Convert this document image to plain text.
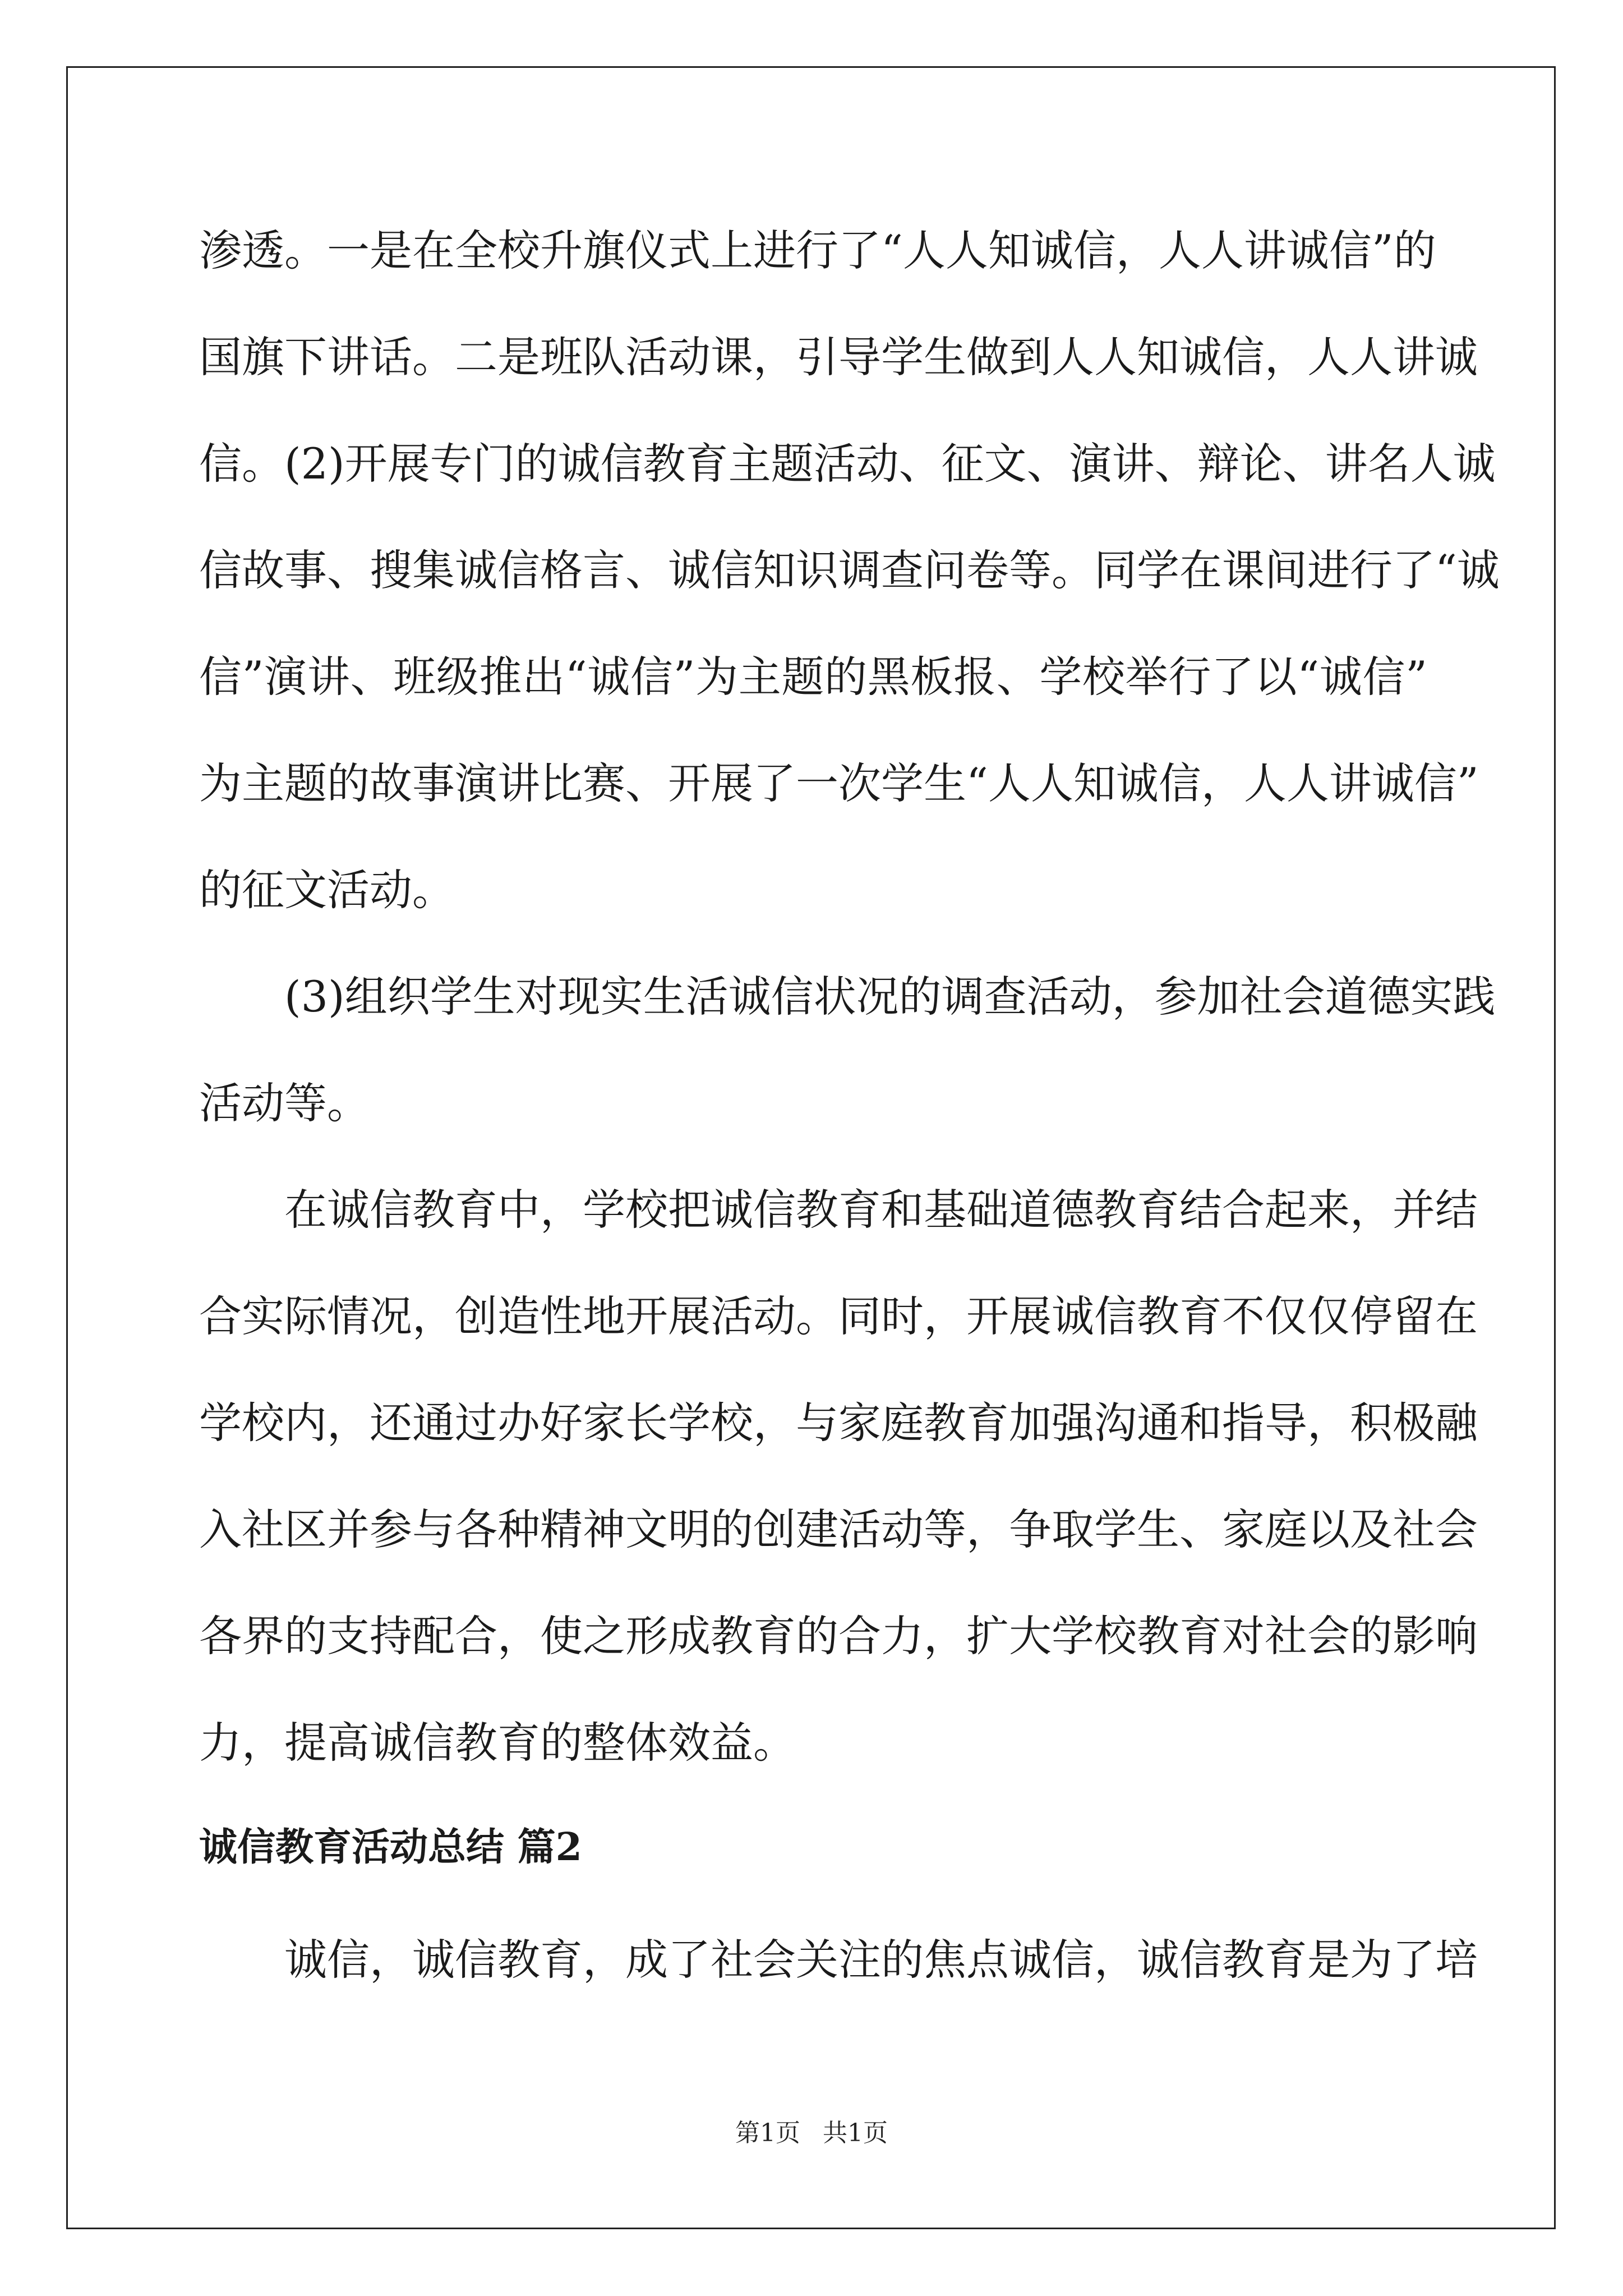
渗透。一是在全校升旗仪式上进行了“人人知诚信，人人讲诚信”的
国旗下讲话。二是班队活动课，引导学生做到人人知诚信，人人讲诚
信。(2)开展专门的诚信教育主题活动、征文、演讲、辩论、讲名人诚
信故事、搜集诚信格言、诚信知识调查问卷等。同学在课间进行了“诚
信”演讲、班级推出“诚信”为主题的黑板报、学校举行了以“诚信”
为主题的故事演讲比赛、开展了一次学生“人人知诚信，人人讲诚信”
的征文活动。
(3)组织学生对现实生活诚信状况的调查活动，参加社会道德实践
活动等。
在诚信教育中，学校把诚信教育和基础道德教育结合起来，并结
合实际情况，创造性地开展活动。同时，开展诚信教育不仅仅停留在
学校内，还通过办好家长学校，与家庭教育加强沟通和指导，积极融
入社区并参与各种精神文明的创建活动等，争取学生、家庭以及社会
各界的支持配合，使之形成教育的合力，扩大学校教育对社会的影响
力，提高诚信教育的整体效益。
诚信教育活动总结 篇2
诚信，诚信教育，成了社会关注的焦点诚信，诚信教育是为了培
第1页 共1页
